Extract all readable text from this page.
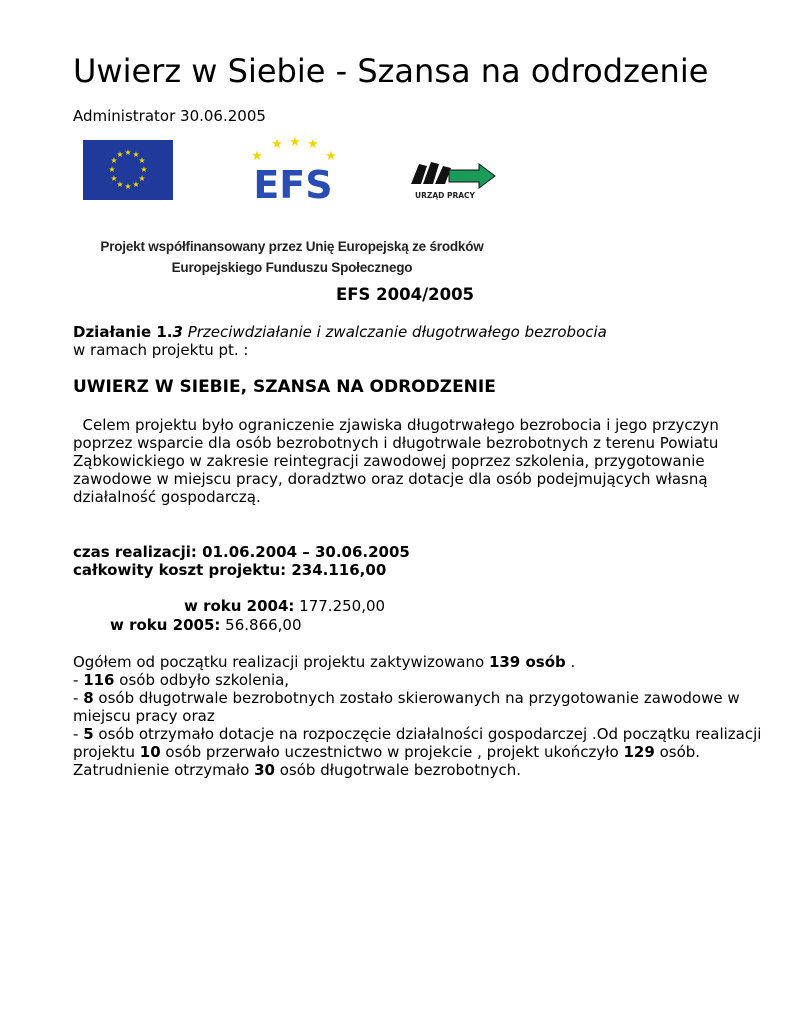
Uwierz w Siebie - Szansa na odrodzenie
Administrator 30.06.2005
★ ★
★
★
★
★
★
★
★
★
★
★	★
★ ★ ★
★
EFS	URZĄD PRACY
Projekt współfinansowany przez Unię Europejską ze środków
Europejskiego Funduszu Społecznego
EFS 2004/2005
Działanie 1.3 Przeciwdziałanie i zwalczanie długotrwałego bezrobocia
w ramach projektu pt. :
UWIERZ W SIEBIE, SZANSA NA ODRODZENIE
Celem projektu było ograniczenie zjawiska długotrwałego bezrobocia i jego przyczyn poprzez wsparcie dla osób bezrobotnych i długotrwale bezrobotnych z terenu Powiatu Ząbkowickiego w zakresie reintegracji zawodowej poprzez szkolenia, przygotowanie zawodowe w miejscu pracy, doradztwo oraz dotacje dla osób podejmujących własną działalność gospodarczą.
czas realizacji: 01.06.2004 – 30.06.2005
całkowity koszt projektu: 234.116,00
w roku 2004: 177.250,00
w roku 2005: 56.866,00
Ogółem od początku realizacji projektu zaktywizowano 139 osób .
- 116 osób odbyło szkolenia,
- 8 osób długotrwale bezrobotnych zostało skierowanych na przygotowanie zawodowe w miejscu pracy oraz
- 5 osób otrzymało dotacje na rozpoczęcie działalności gospodarczej .Od początku realizacji projektu 10 osób przerwało uczestnictwo w projekcie , projekt ukończyło 129 osób. Zatrudnienie otrzymało 30 osób długotrwale bezrobotnych.
